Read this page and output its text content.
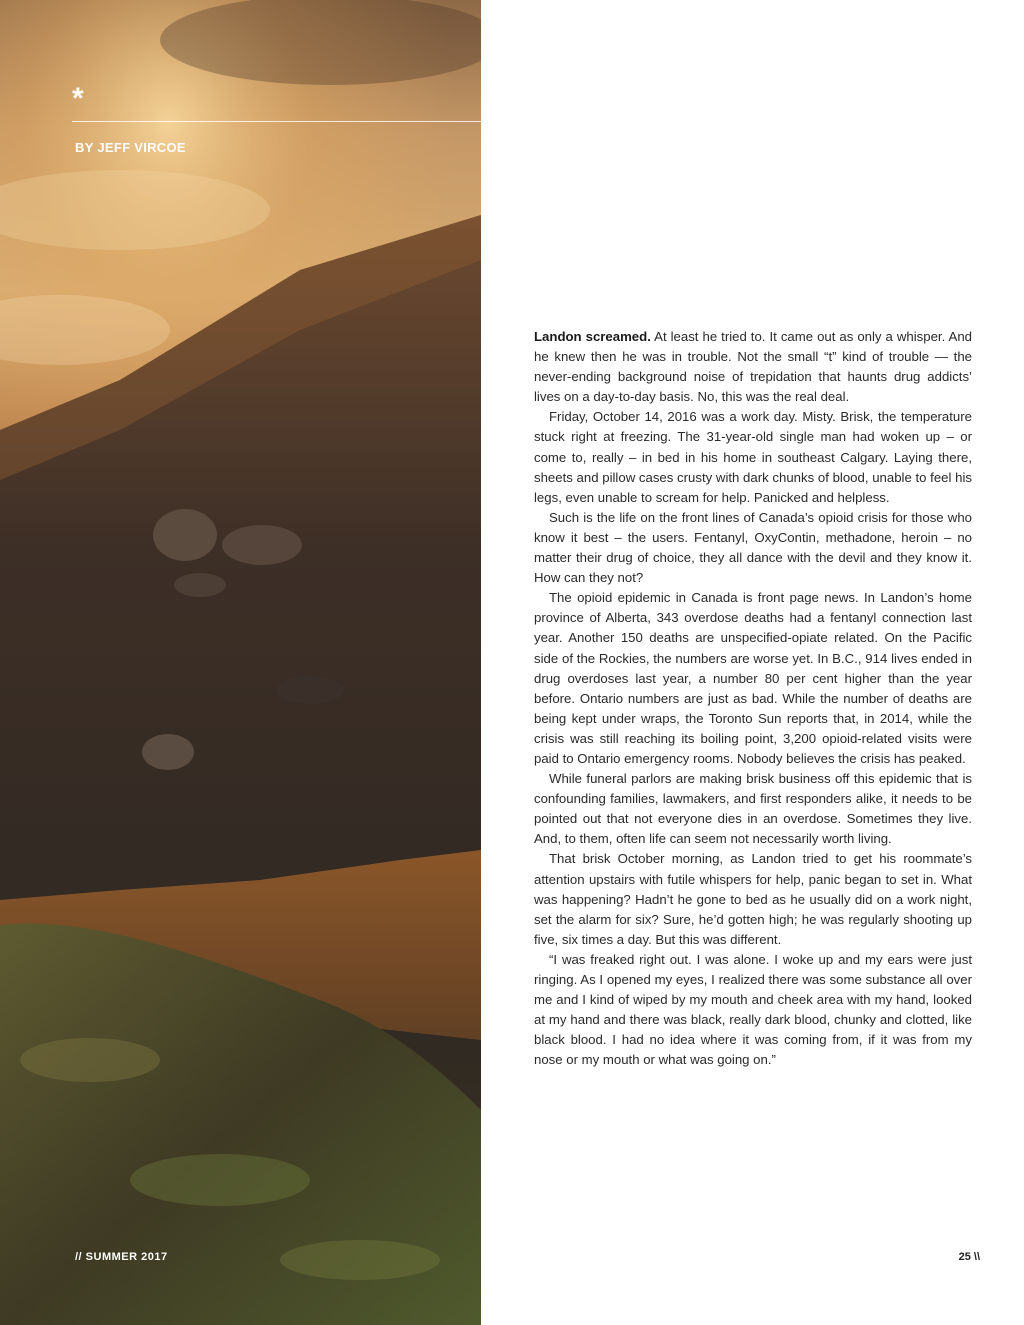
*
BY JEFF VIRCOE
// SUMMER 2017

Landon screamed. At least he tried to. It came out as only a whisper. And he knew then he was in trouble. Not the small “t” kind of trouble — the never-ending background noise of trepidation that haunts drug addicts’ lives on a day-to-day basis. No, this was the real deal.

Friday, October 14, 2016 was a work day. Misty. Brisk, the temperature stuck right at freezing. The 31-year-old single man had woken up – or come to, really – in bed in his home in southeast Calgary. Laying there, sheets and pillow cases crusty with dark chunks of blood, unable to feel his legs, even unable to scream for help. Panicked and helpless.

Such is the life on the front lines of Canada’s opioid crisis for those who know it best – the users. Fentanyl, OxyContin, methadone, heroin – no matter their drug of choice, they all dance with the devil and they know it. How can they not?

The opioid epidemic in Canada is front page news. In Landon’s home province of Alberta, 343 overdose deaths had a fentanyl connection last year. Another 150 deaths are unspecified-opiate related. On the Pacific side of the Rockies, the numbers are worse yet. In B.C., 914 lives ended in drug overdoses last year, a number 80 per cent higher than the year before. Ontario numbers are just as bad. While the number of deaths are being kept under wraps, the Toronto Sun reports that, in 2014, while the crisis was still reaching its boiling point, 3,200 opioid-related visits were paid to Ontario emergency rooms. Nobody believes the crisis has peaked.

While funeral parlors are making brisk business off this epidemic that is confounding families, lawmakers, and first responders alike, it needs to be pointed out that not everyone dies in an overdose. Sometimes they live. And, to them, often life can seem not necessarily worth living.

That brisk October morning, as Landon tried to get his roommate’s attention upstairs with futile whispers for help, panic began to set in. What was happening? Hadn’t he gone to bed as he usually did on a work night, set the alarm for six? Sure, he’d gotten high; he was regularly shooting up five, six times a day. But this was different.

“I was freaked right out. I was alone. I woke up and my ears were just ringing. As I opened my eyes, I realized there was some substance all over me and I kind of wiped by my mouth and cheek area with my hand, looked at my hand and there was black, really dark blood, chunky and clotted, like black blood. I had no idea where it was coming from, if it was from my nose or my mouth or what was going on.”

25 \\
